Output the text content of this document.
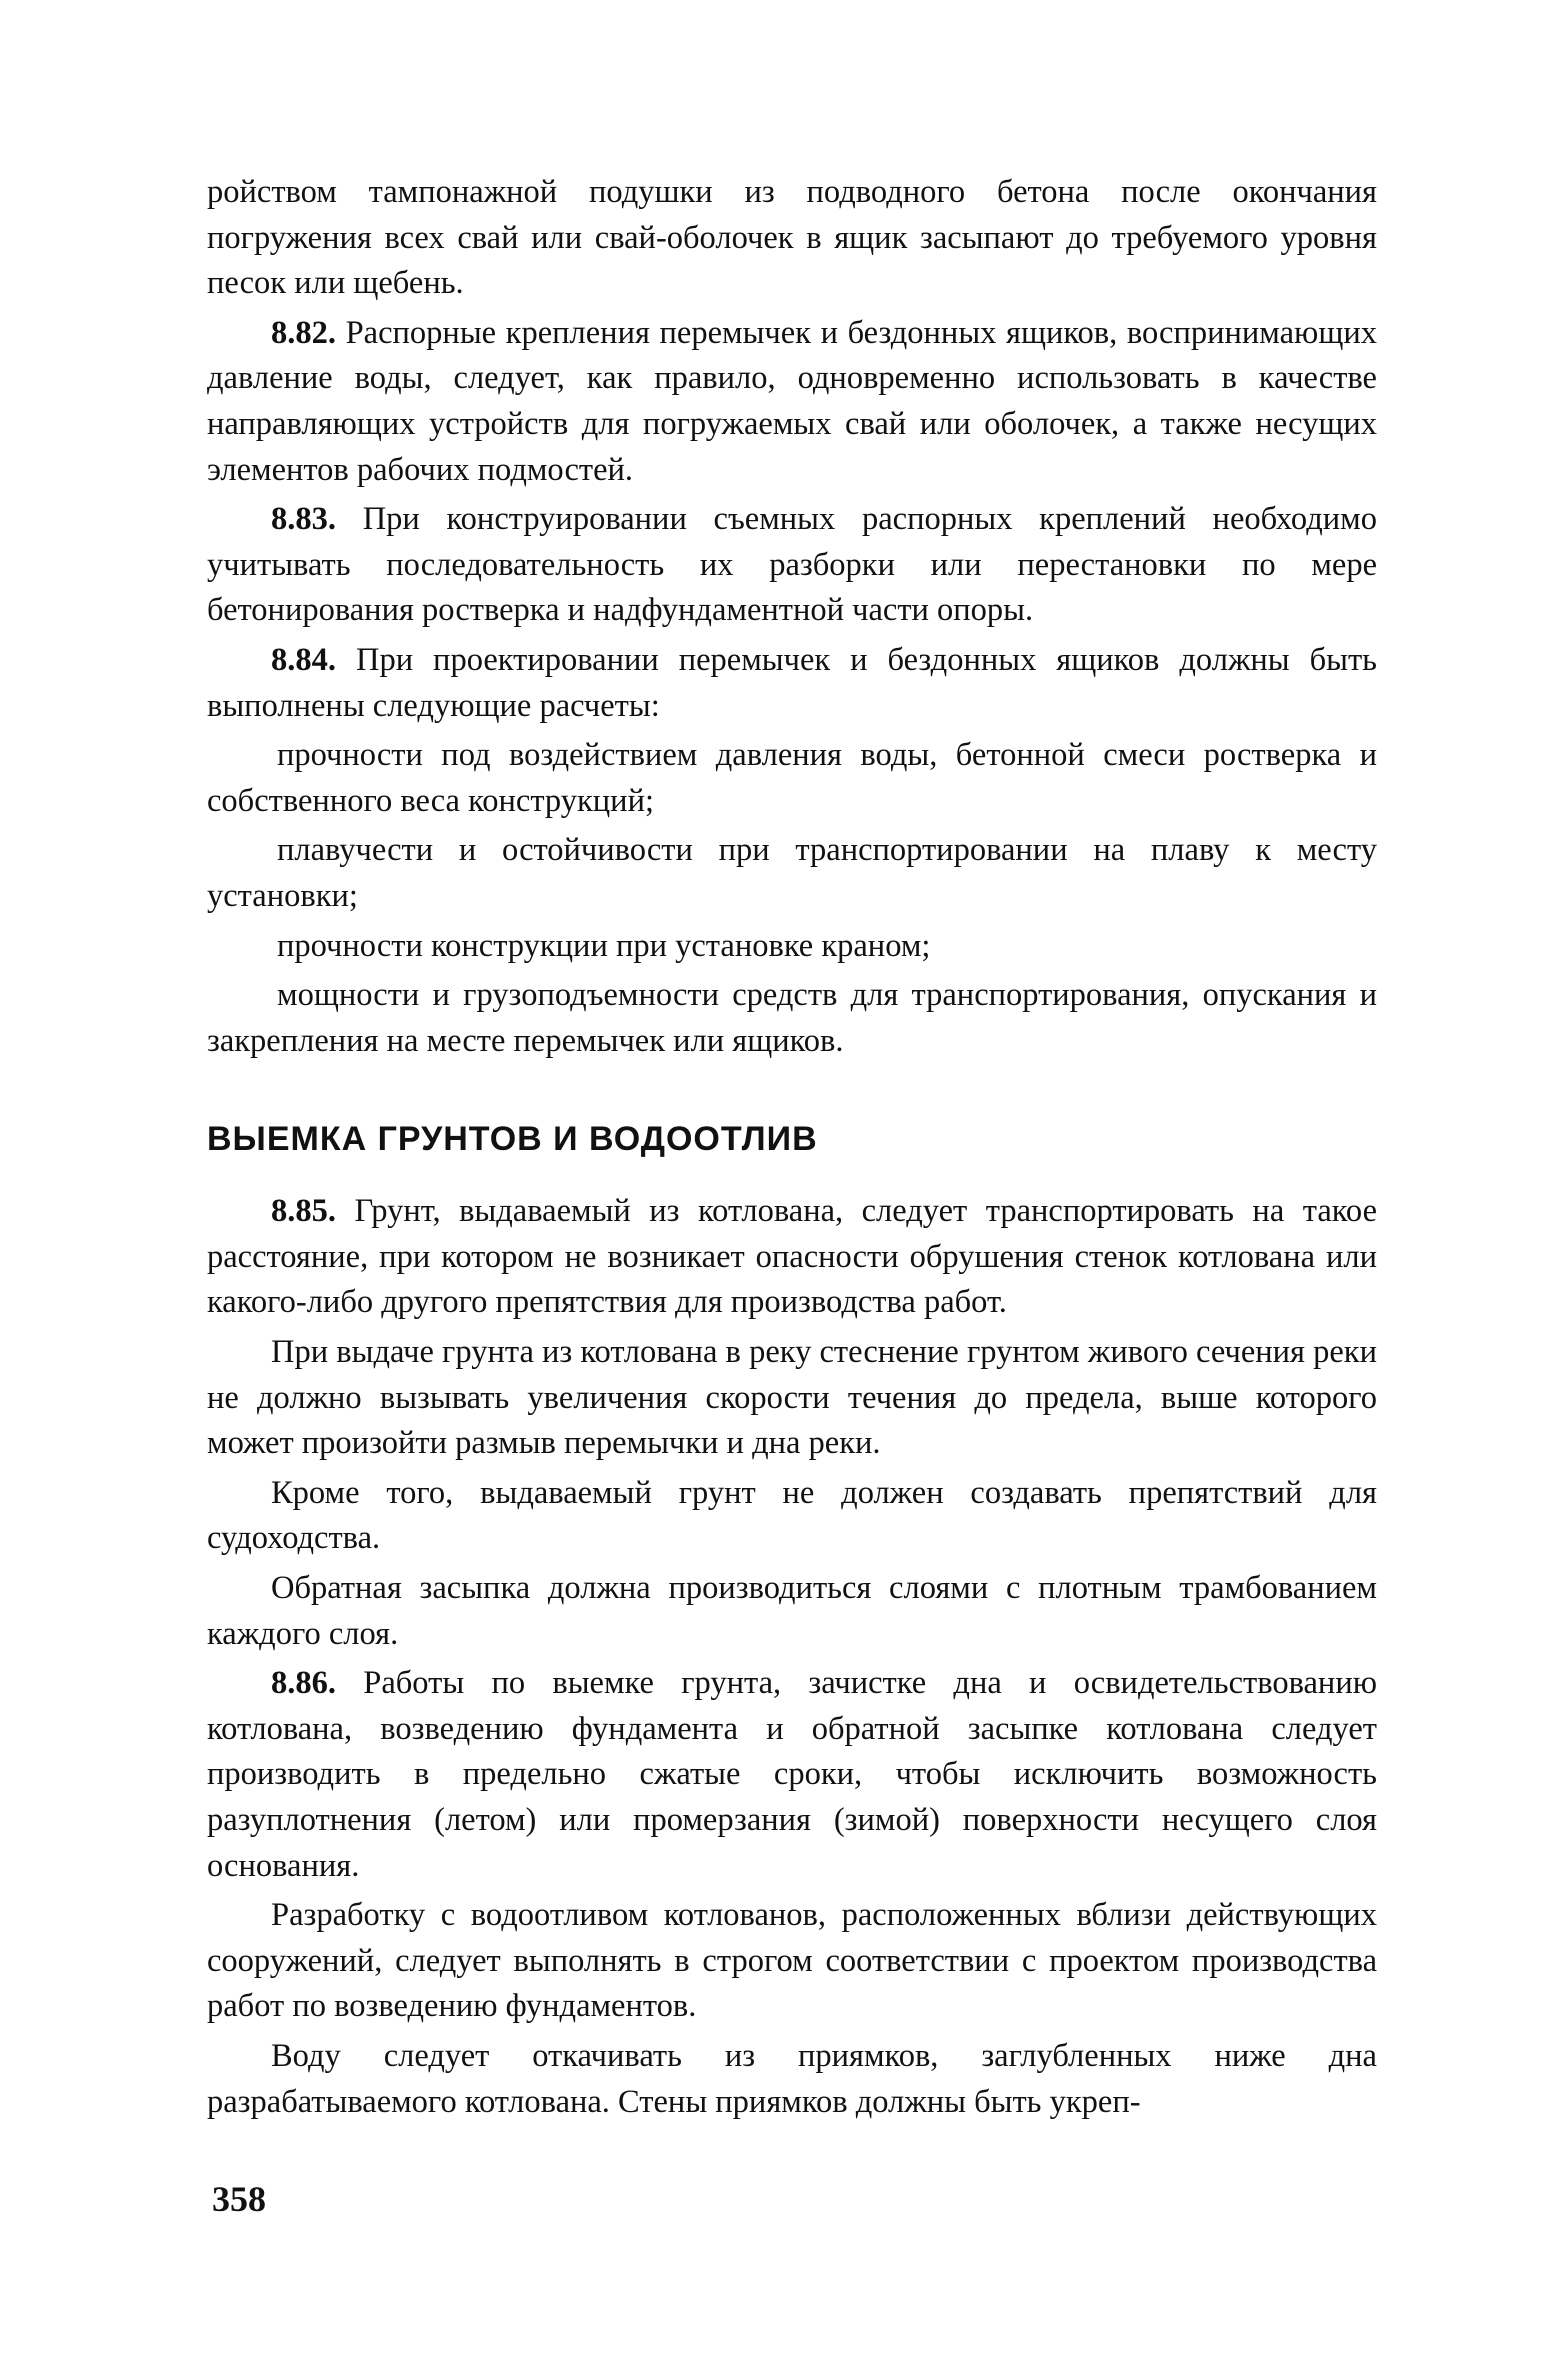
ройством тампонажной подушки из подводного бетона после окончания погружения всех свай или свай-оболочек в ящик засыпают до требуемого уровня песок или щебень.

8.82. Распорные крепления перемычек и бездонных ящиков, воспринимающих давление воды, следует, как правило, одновременно использовать в качестве направляющих устройств для погружаемых свай или оболочек, а также несущих элементов рабочих подмостей.

8.83. При конструировании съемных распорных креплений необходимо учитывать последовательность их разборки или перестановки по мере бетонирования ростверка и надфундаментной части опоры.

8.84. При проектировании перемычек и бездонных ящиков должны быть выполнены следующие расчеты:

прочности под воздействием давления воды, бетонной смеси ростверка и собственного веса конструкций;

плавучести и остойчивости при транспортировании на плаву к месту установки;

прочности конструкции при установке краном;

мощности и грузоподъемности средств для транспортирования, опускания и закрепления на месте перемычек или ящиков.

ВЫЕМКА ГРУНТОВ И ВОДООТЛИВ

8.85. Грунт, выдаваемый из котлована, следует транспортировать на такое расстояние, при котором не возникает опасности обрушения стенок котлована или какого-либо другого препятствия для производства работ.

При выдаче грунта из котлована в реку стеснение грунтом живого сечения реки не должно вызывать увеличения скорости течения до предела, выше которого может произойти размыв перемычки и дна реки.

Кроме того, выдаваемый грунт не должен создавать препятствий для судоходства.

Обратная засыпка должна производиться слоями с плотным трамбованием каждого слоя.

8.86. Работы по выемке грунта, зачистке дна и освидетельствованию котлована, возведению фундамента и обратной засыпке котлована следует производить в предельно сжатые сроки, чтобы исключить возможность разуплотнения (летом) или промерзания (зимой) поверхности несущего слоя основания.

Разработку с водоотливом котлованов, расположенных вблизи действующих сооружений, следует выполнять в строгом соответствии с проектом производства работ по возведению фундаментов.

Воду следует откачивать из приямков, заглубленных ниже дна разрабатываемого котлована. Стены приямков должны быть укреп-

358
